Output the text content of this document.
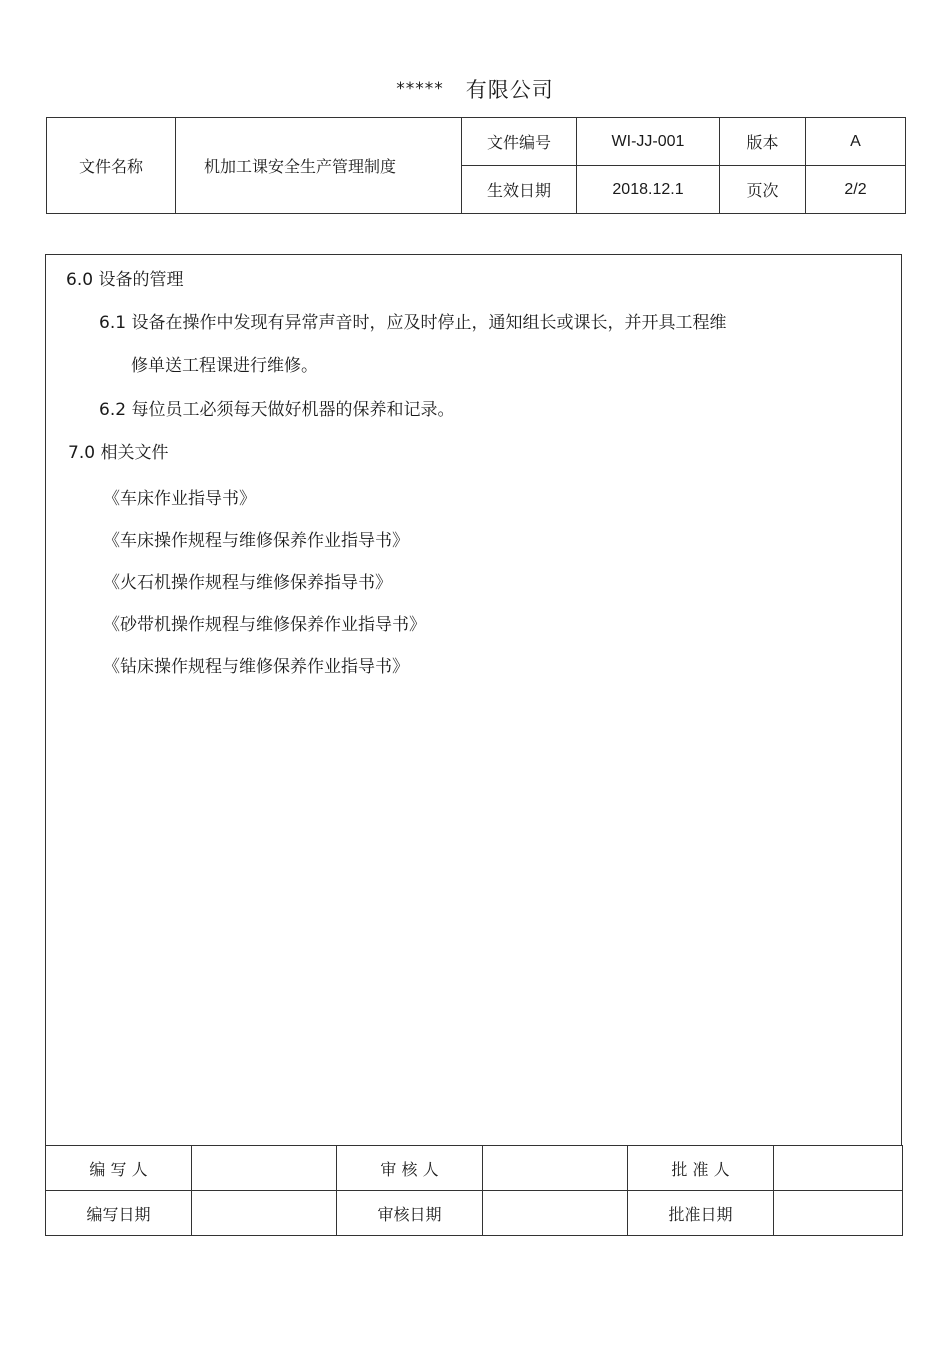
***** 有限公司
文件名称	机加工课安全生产管理制度	文件编号	WI-JJ-001	版本	A
		生效日期	2018.12.1	页次	2/2
6.0 设备的管理
6.1 设备在操作中发现有异常声音时，应及时停止，通知组长或课长，并开具工程维
修单送工程课进行维修。
6.2 每位员工必须每天做好机器的保养和记录。
7.0 相关文件
《车床作业指导书》
《车床操作规程与维修保养作业指导书》
《火石机操作规程与维修保养指导书》
《砂带机操作规程与维修保养作业指导书》
《钻床操作规程与维修保养作业指导书》
编 写 人		审 核 人		批 准 人	
编写日期		审核日期		批准日期	
